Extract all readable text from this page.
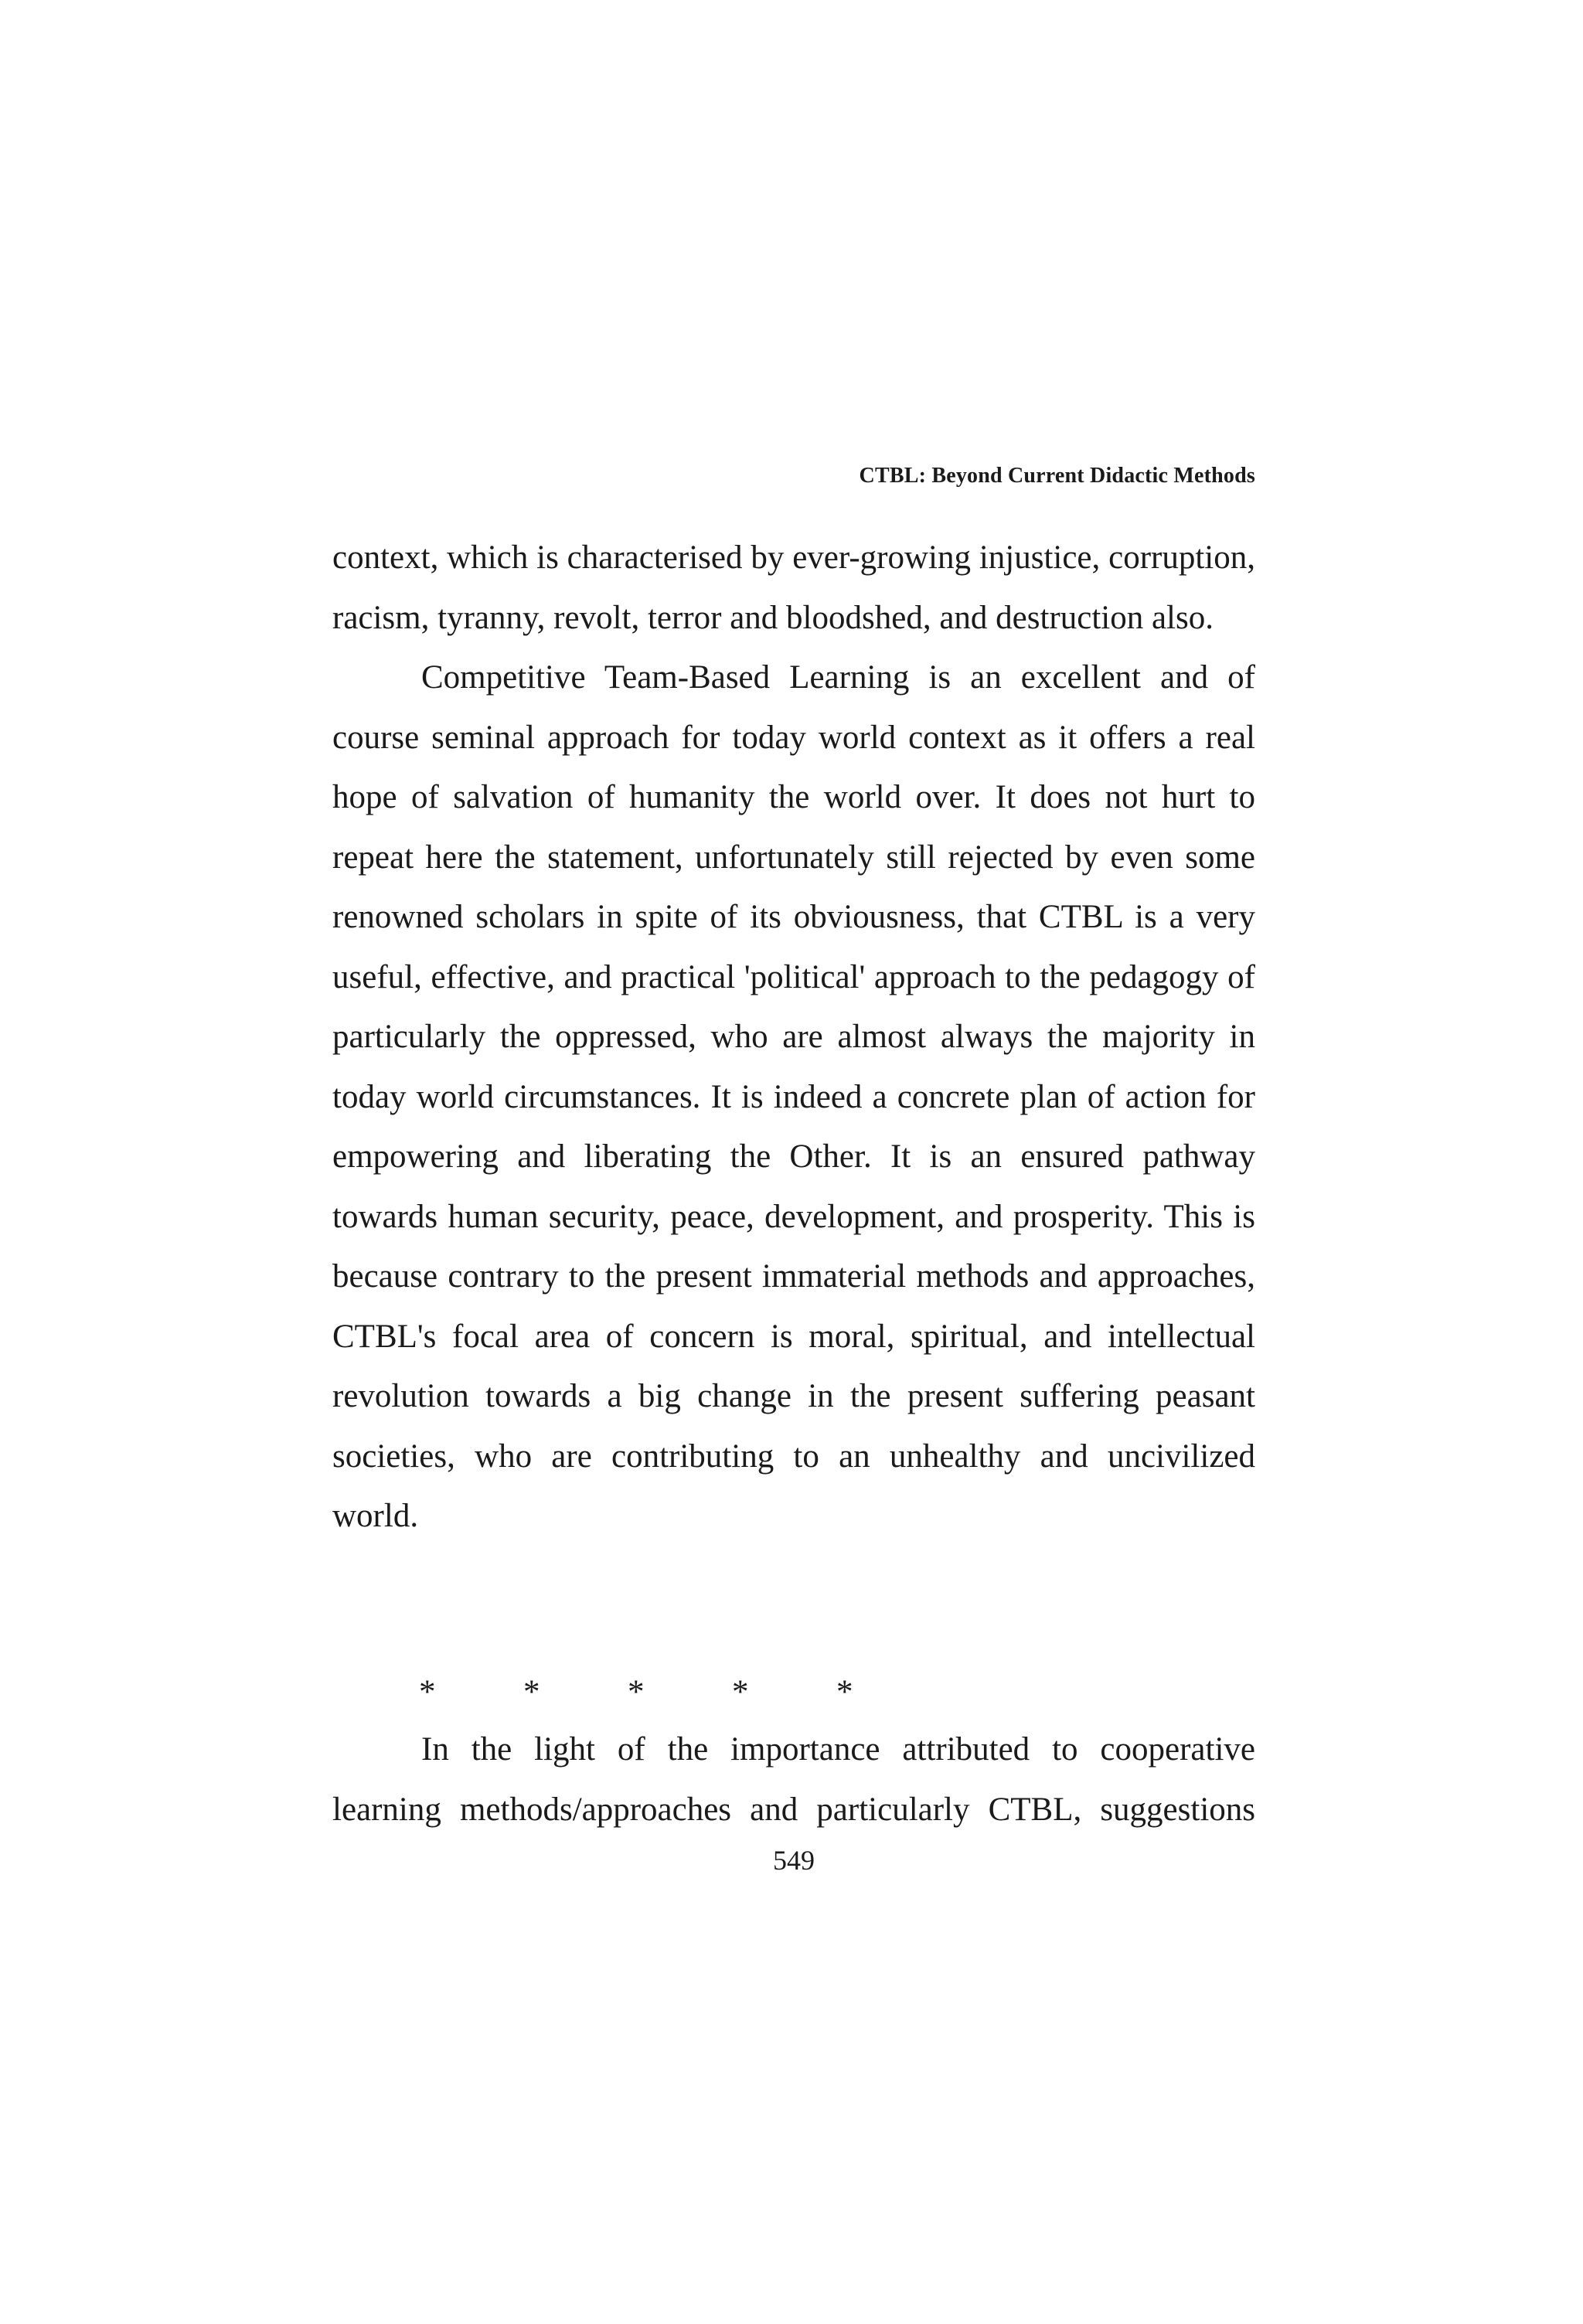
CTBL: Beyond Current Didactic Methods

context, which is characterised by ever-growing injustice, corruption, racism, tyranny, revolt, terror and bloodshed, and destruction also.

Competitive Team-Based Learning is an excellent and of course seminal approach for today world context as it offers a real hope of salvation of humanity the world over. It does not hurt to repeat here the statement, unfortunately still rejected by even some renowned scholars in spite of its obviousness, that CTBL is a very useful, effective, and practical 'political' approach to the pedagogy of particularly the oppressed, who are almost always the majority in today world circumstances. It is indeed a concrete plan of action for empowering and liberating the Other. It is an ensured pathway towards human security, peace, development, and prosperity. This is because contrary to the present immaterial methods and approaches, CTBL's focal area of concern is moral, spiritual, and intellectual revolution towards a big change in the present suffering peasant societies, who are contributing to an unhealthy and uncivilized world.

*	*	*	*	*

In the light of the importance attributed to cooperative learning methods/approaches and particularly CTBL, suggestions

549
